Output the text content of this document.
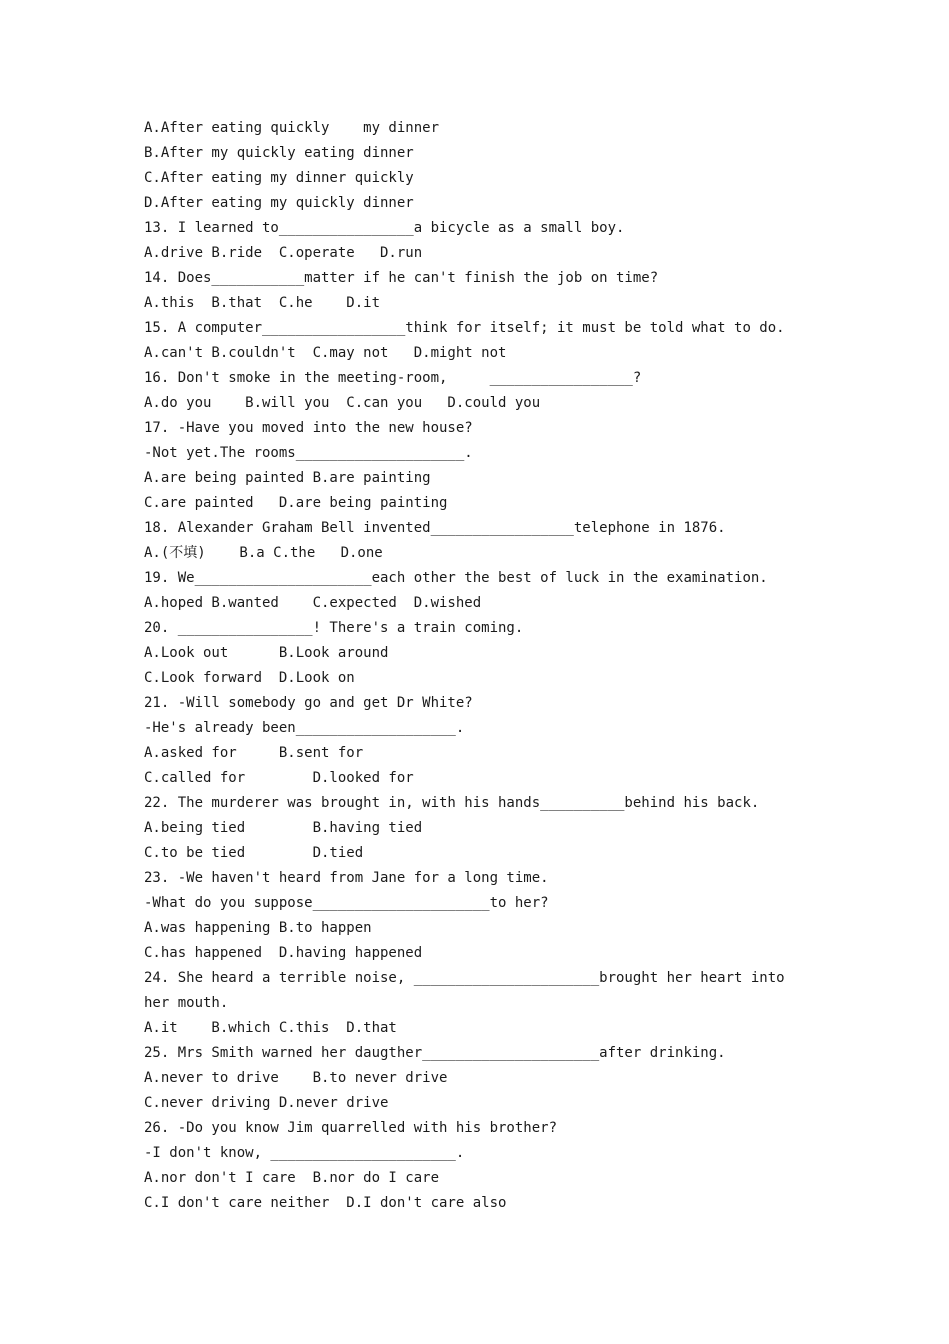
A.After eating quickly    my dinner
B.After my quickly eating dinner
C.After eating my dinner quickly
D.After eating my quickly dinner
13. I learned to________________a bicycle as a small boy.
A.drive B.ride  C.operate   D.run
14. Does___________matter if he can't finish the job on time?
A.this  B.that  C.he    D.it
15. A computer_________________think for itself; it must be told what to do.
A.can't B.couldn't  C.may not   D.might not
16. Don't smoke in the meeting-room,     _________________?
A.do you    B.will you  C.can you   D.could you
17. -Have you moved into the new house?
-Not yet.The rooms____________________.
A.are being painted B.are painting
C.are painted   D.are being painting
18. Alexander Graham Bell invented_________________telephone in 1876.
A.(不填)    B.a C.the   D.one
19. We_____________________each other the best of luck in the examination.
A.hoped B.wanted    C.expected  D.wished
20. ________________! There's a train coming.
A.Look out      B.Look around
C.Look forward  D.Look on
21. -Will somebody go and get Dr White?
-He's already been___________________.
A.asked for     B.sent for
C.called for        D.looked for
22. The murderer was brought in, with his hands__________behind his back.
A.being tied        B.having tied
C.to be tied        D.tied
23. -We haven't heard from Jane for a long time.
-What do you suppose_____________________to her?
A.was happening B.to happen
C.has happened  D.having happened
24. She heard a terrible noise, ______________________brought her heart into
her mouth.
A.it    B.which C.this  D.that
25. Mrs Smith warned her daugther_____________________after drinking.
A.never to drive    B.to never drive
C.never driving D.never drive
26. -Do you know Jim quarrelled with his brother?
-I don't know, ______________________.
A.nor don't I care  B.nor do I care
C.I don't care neither  D.I don't care also
